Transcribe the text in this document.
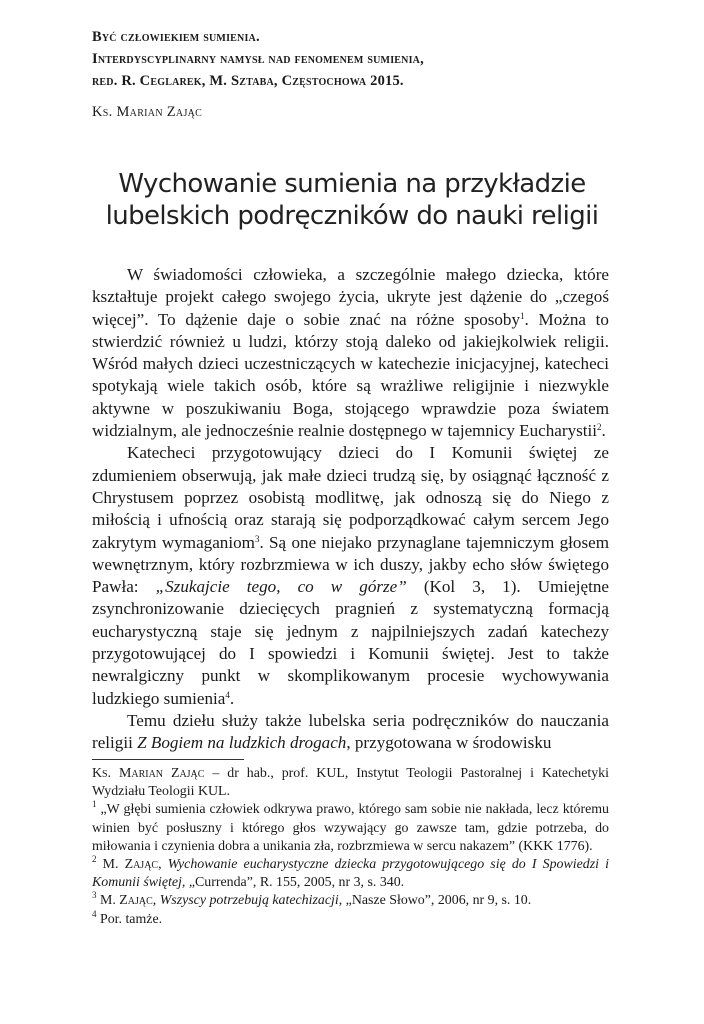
Być człowiekiem sumienia.
Interdyscyplinarny namysł nad fenomenem sumienia,
red. R. Ceglarek, M. Sztaba, Częstochowa 2015.
Ks. Marian Zając
Wychowanie sumienia na przykładzie
lubelskich podręczników do nauki religii

W świadomości człowieka, a szczególnie małego dziecka, które kształtuje projekt całego swojego życia, ukryte jest dążenie do „czegoś więcej”. To dążenie daje o sobie znać na różne sposoby$^1$. Można to stwierdzić również u ludzi, którzy stoją daleko od jakiejkolwiek religii. Wśród małych dzieci uczestniczących w katechezie inicjacyjnej, katecheci spotykają wiele takich osób, które są wrażliwe religijnie i niezwykle aktywne w poszukiwaniu Boga, stojącego wprawdzie poza światem widzialnym, ale jednocześnie realnie dostępnego w tajemnicy Eucharystii$^2$.

Katecheci przygotowujący dzieci do I Komunii świętej ze zdumieniem obserwują, jak małe dzieci trudzą się, by osiągnąć łączność z Chrystusem poprzez osobistą modlitwę, jak odnoszą się do Niego z miłością i ufnością oraz starają się podporządkować całym sercem Jego zakrytym wymaganiom$^3$. Są one niejako przynaglane tajemniczym głosem wewnętrznym, który rozbrzmiewa w ich duszy, jakby echo słów świętego Pawła: „Szukajcie tego, co w górze” (Kol 3, 1). Umiejętne zsynchronizowanie dziecięcych pragnień z systematyczną formacją eucharystyczną staje się jednym z najpilniejszych zadań katechezy przygotowującej do I spowiedzi i Komunii świętej. Jest to także newralgiczny punkt w skomplikowanym procesie wychowywania ludzkiego sumienia$^4$.

Temu dziełu służy także lubelska seria podręczników do nauczania religii Z Bogiem na ludzkich drogach, przygotowana w środowisku

Ks. Marian Zając – dr hab., prof. KUL, Instytut Teologii Pastoralnej i Katechetyki Wydziału Teologii KUL.

$^1$ „W głębi sumienia człowiek odkrywa prawo, którego sam sobie nie nakłada, lecz któremu winien być posłuszny i którego głos wzywający go zawsze tam, gdzie potrzeba, do miłowania i czynienia dobra a unikania zła, rozbrzmiewa w sercu nakazem” (KKK 1776).

$^2$ M. Zając, Wychowanie eucharystyczne dziecka przygotowującego się do I Spowiedzi i Komunii świętej, „Currenda”, R. 155, 2005, nr 3, s. 340.

$^3$ M. Zając, Wszyscy potrzebują katechizacji, „Nasze Słowo”, 2006, nr 9, s. 10.

$^4$ Por. tamże.
